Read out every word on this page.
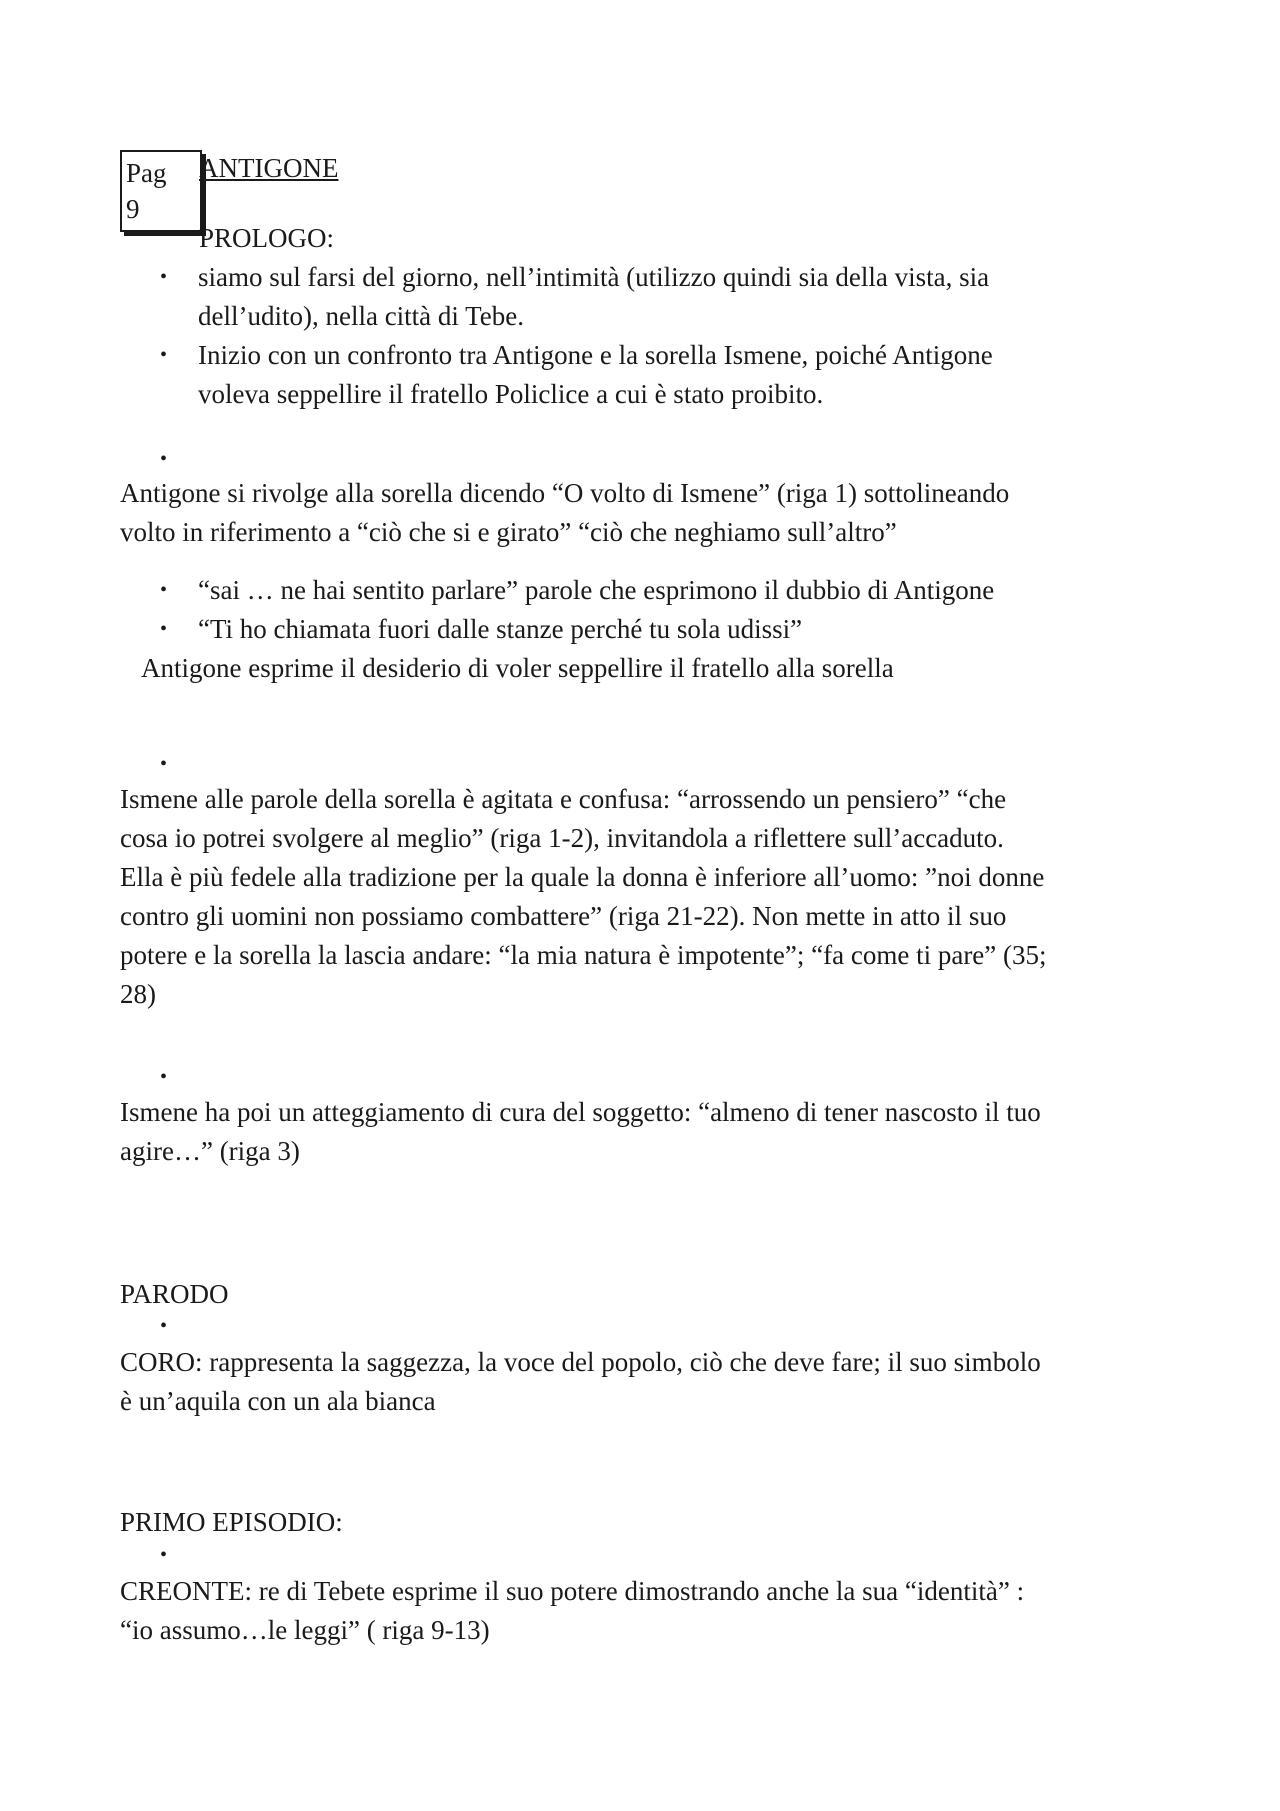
Pag
9
ANTIGONE
PROLOGO:
• siamo sul farsi del giorno, nell’intimità (utilizzo quindi sia della vista, sia
dell’udito), nella città di Tebe.
• Inizio con un confronto tra Antigone e la sorella Ismene, poiché Antigone
voleva seppellire il fratello Policlice a cui è stato proibito.
•
Antigone si rivolge alla sorella dicendo “O volto di Ismene” (riga 1) sottolineando
volto in riferimento a “ciò che si e girato” “ciò che neghiamo sull’altro”
• “sai … ne hai sentito parlare” parole che esprimono il dubbio di Antigone
• “Ti ho chiamata fuori dalle stanze perché tu sola udissi”
Antigone esprime il desiderio di voler seppellire il fratello alla sorella
•
Ismene alle parole della sorella è agitata e confusa: “arrossendo un pensiero” “che
cosa io potrei svolgere al meglio” (riga 1-2), invitandola a riflettere sull’accaduto.
Ella è più fedele alla tradizione per la quale la donna è inferiore all’uomo: ”noi donne
contro gli uomini non possiamo combattere” (riga 21-22). Non mette in atto il suo
potere e la sorella la lascia andare: “la mia natura è impotente”; “fa come ti pare” (35;
28)
•
Ismene ha poi un atteggiamento di cura del soggetto: “almeno di tener nascosto il tuo
agire…” (riga 3)
PARODO
•
CORO: rappresenta la saggezza, la voce del popolo, ciò che deve fare; il suo simbolo
è un’aquila con un ala bianca
PRIMO EPISODIO:
•
CREONTE: re di Tebete esprime il suo potere dimostrando anche la sua “identità” :
“io assumo…le leggi” ( riga 9-13)
